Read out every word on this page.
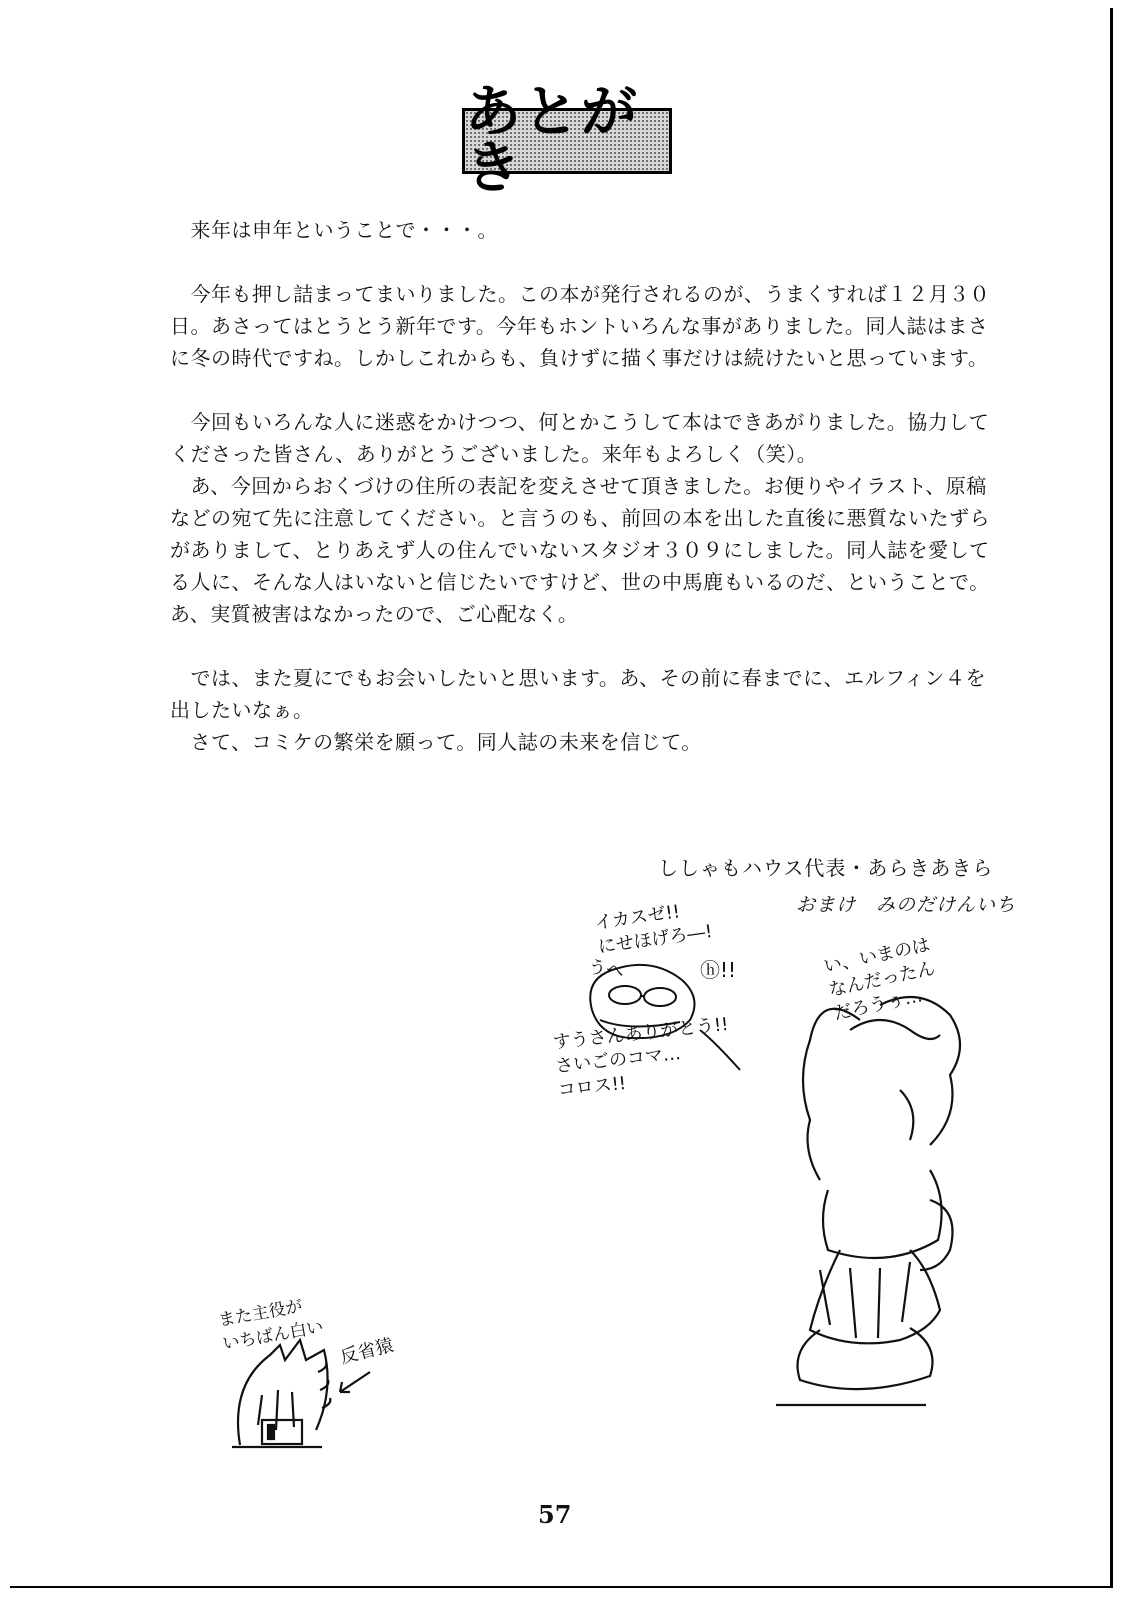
あとがき

　来年は申年ということで・・・。

　今年も押し詰まってまいりました。この本が発行されるのが、うまくすれば１２月３０

日。あさってはとうとう新年です。今年もホントいろんな事がありました。同人誌はまさ

に冬の時代ですね。しかしこれからも、負けずに描く事だけは続けたいと思っています。

　今回もいろんな人に迷惑をかけつつ、何とかこうして本はできあがりました。協力して

くださった皆さん、ありがとうございました。来年もよろしく（笑）。

　あ、今回からおくづけの住所の表記を変えさせて頂きました。お便りやイラスト、原稿

などの宛て先に注意してください。と言うのも、前回の本を出した直後に悪質ないたずら

がありまして、とりあえず人の住んでいないスタジオ３０９にしました。同人誌を愛して

る人に、そんな人はいないと信じたいですけど、世の中馬鹿もいるのだ、ということで。

あ、実質被害はなかったので、ご心配なく。

　では、また夏にでもお会いしたいと思います。あ、その前に春までに、エルフィン４を

出したいなぁ。

　さて、コミケの繁栄を願って。同人誌の未来を信じて。

ししゃもハウス代表・あらきあきら
おまけ　みのだけんいち
イカスゼ!!
にせほげろ―!
うへ	ⓗ!!
すうさんありがとう!!
さいごのコマ…
コロス!!
い、いまのは
なんだったん
だろうぅ…
また主役が
いちばん白い 反省猿
57
